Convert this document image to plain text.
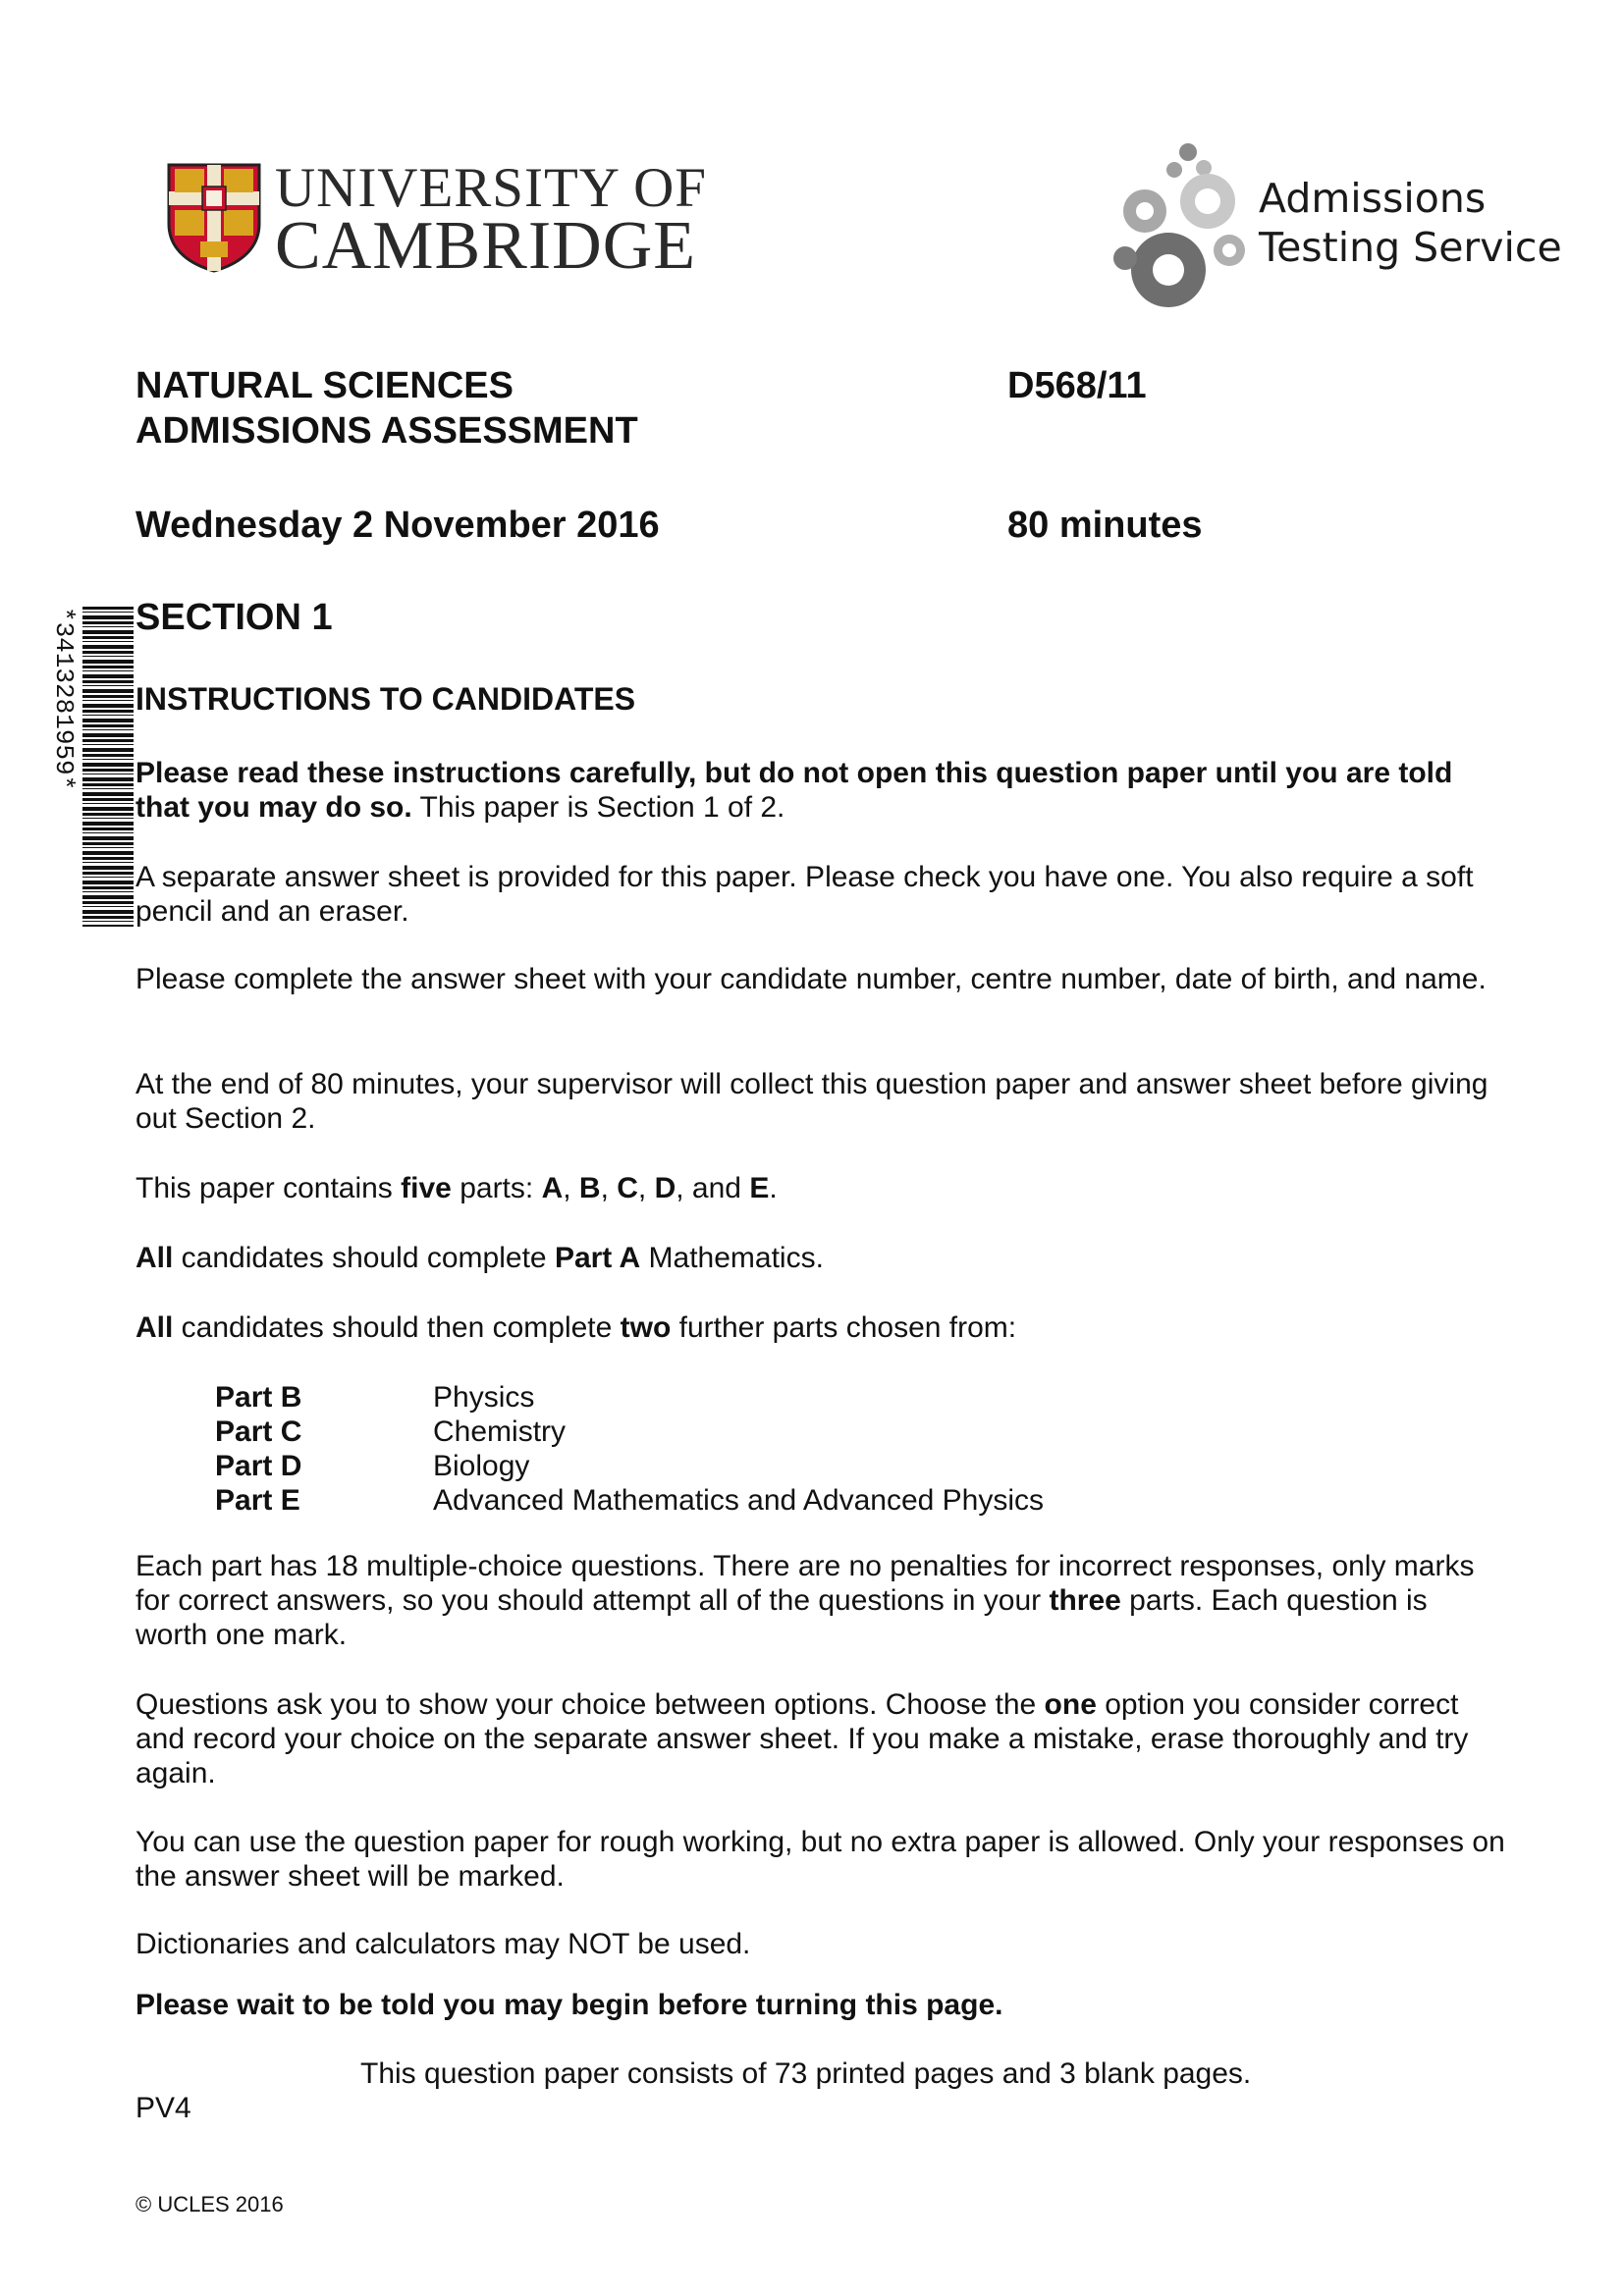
UNIVERSITY OF
CAMBRIDGE
Admissions
Testing Service
NATURAL SCIENCES
ADMISSIONS ASSESSMENT
D568/11
Wednesday 2 November 2016	80 minutes
*3413281959* SECTION 1
INSTRUCTIONS TO CANDIDATES
Please read these instructions carefully, but do not open this question paper until you are told that you may do so. This paper is Section 1 of 2.
A separate answer sheet is provided for this paper. Please check you have one. You also require a soft pencil and an eraser.
Please complete the answer sheet with your candidate number, centre number, date of birth, and name.
At the end of 80 minutes, your supervisor will collect this question paper and answer sheet before giving out Section 2.
This paper contains five parts: A, B, C, D, and E.
All candidates should complete Part A Mathematics.
All candidates should then complete two further parts chosen from:
Part B	Physics
Part C	Chemistry
Part D	Biology
Part E	Advanced Mathematics and Advanced Physics
Each part has 18 multiple-choice questions. There are no penalties for incorrect responses, only marks for correct answers, so you should attempt all of the questions in your three parts. Each question is worth one mark.
Questions ask you to show your choice between options. Choose the one option you consider correct and record your choice on the separate answer sheet. If you make a mistake, erase thoroughly and try again.
You can use the question paper for rough working, but no extra paper is allowed. Only your responses on the answer sheet will be marked.
Dictionaries and calculators may NOT be used.
Please wait to be told you may begin before turning this page.
This question paper consists of 73 printed pages and 3 blank pages.
PV4
© UCLES 2016
